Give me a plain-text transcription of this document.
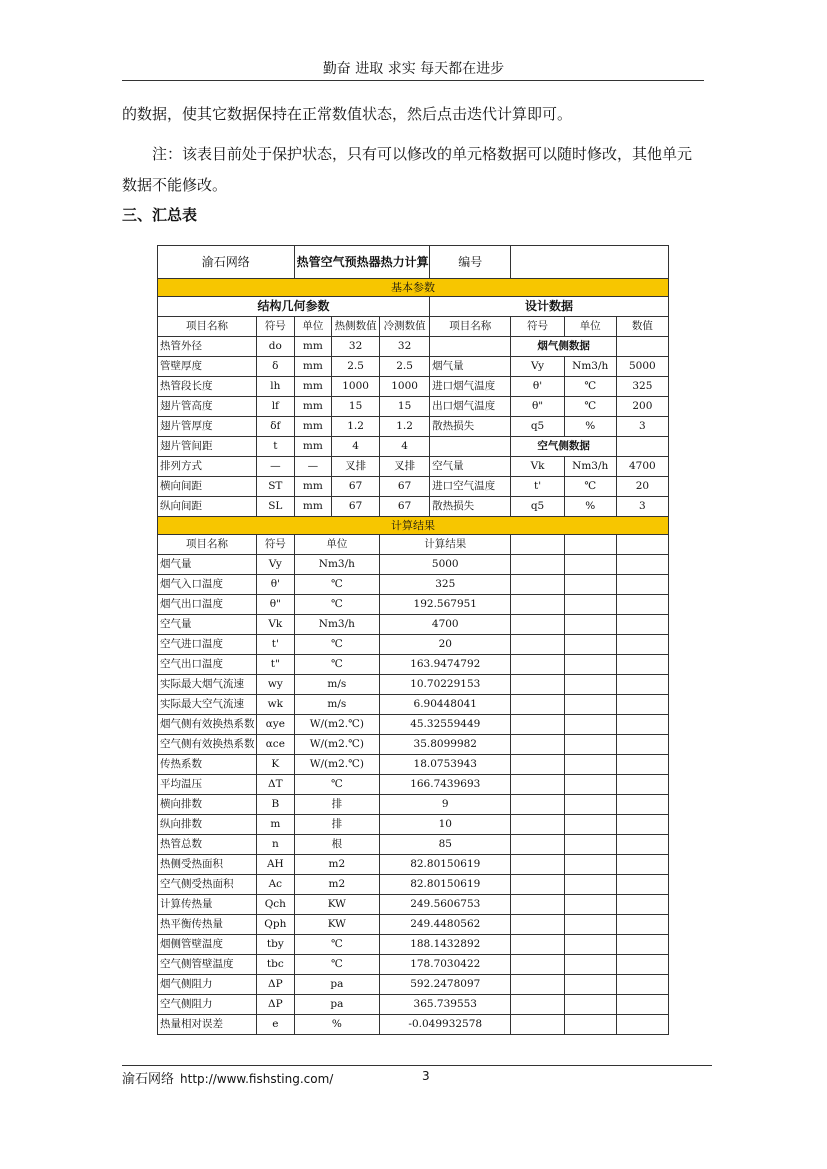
勤奋 进取 求实 每天都在进步
的数据，使其它数据保持在正常数值状态，然后点击迭代计算即可。
注：该表目前处于保护状态，只有可以修改的单元格数据可以随时修改，其他单元数据不能修改。
三、汇总表
渝石网络		热管空气预热器热力计算			编号			
基本参数								
结构几何参数					设计数据			
项目名称	符号	单位	热侧数值	冷测数值	项目名称	符号	单位	数值
热管外径	do	mm	32	32		烟气侧数据		
管壁厚度	δ	mm	2.5	2.5	烟气量	Vy	Nm3/h	5000
热管段长度	lh	mm	1000	1000	进口烟气温度	θ'	℃	325
翅片管高度	lf	mm	15	15	出口烟气温度	θ"	℃	200
翅片管厚度	δf	mm	1.2	1.2	散热损失	q5	%	3
翅片管间距	t	mm	4	4		空气侧数据		
排列方式	—	—	叉排	叉排	空气量	Vk	Nm3/h	4700
横向间距	ST	mm	67	67	进口空气温度	t'	℃	20
纵向间距	SL	mm	67	67	散热损失	q5	%	3
计算结果								
项目名称	符号	单位		计算结果				
烟气量	Vy	Nm3/h		5000				
烟气入口温度	θ'	℃		325				
烟气出口温度	θ"	℃		192.567951				
空气量	Vk	Nm3/h		4700				
空气进口温度	t'	℃		20				
空气出口温度	t"	℃		163.9474792				
实际最大烟气流速	wy	m/s		10.70229153				
实际最大空气流速	wk	m/s		6.90448041				
烟气侧有效换热系数	αye	W/(m2.℃)		45.32559449				
空气侧有效换热系数	αce	W/(m2.℃)		35.8099982				
传热系数	K	W/(m2.℃)		18.0753943				
平均温压	ΔT	℃		166.7439693				
横向排数	B	排		9				
纵向排数	m	排		10				
热管总数	n	根		85				
热侧受热面积	AH	m2		82.80150619				
空气侧受热面积	Ac	m2		82.80150619				
计算传热量	Qch	KW		249.5606753				
热平衡传热量	Qph	KW		249.4480562				
烟侧管壁温度	tby	℃		188.1432892				
空气侧管壁温度	tbc	℃		178.7030422				
烟气侧阻力	ΔP	pa		592.2478097				
空气侧阻力	ΔP	pa		365.739553				
热量相对误差	e	%		-0.049932578				
渝石网络 http://www.fishsting.com/	3
